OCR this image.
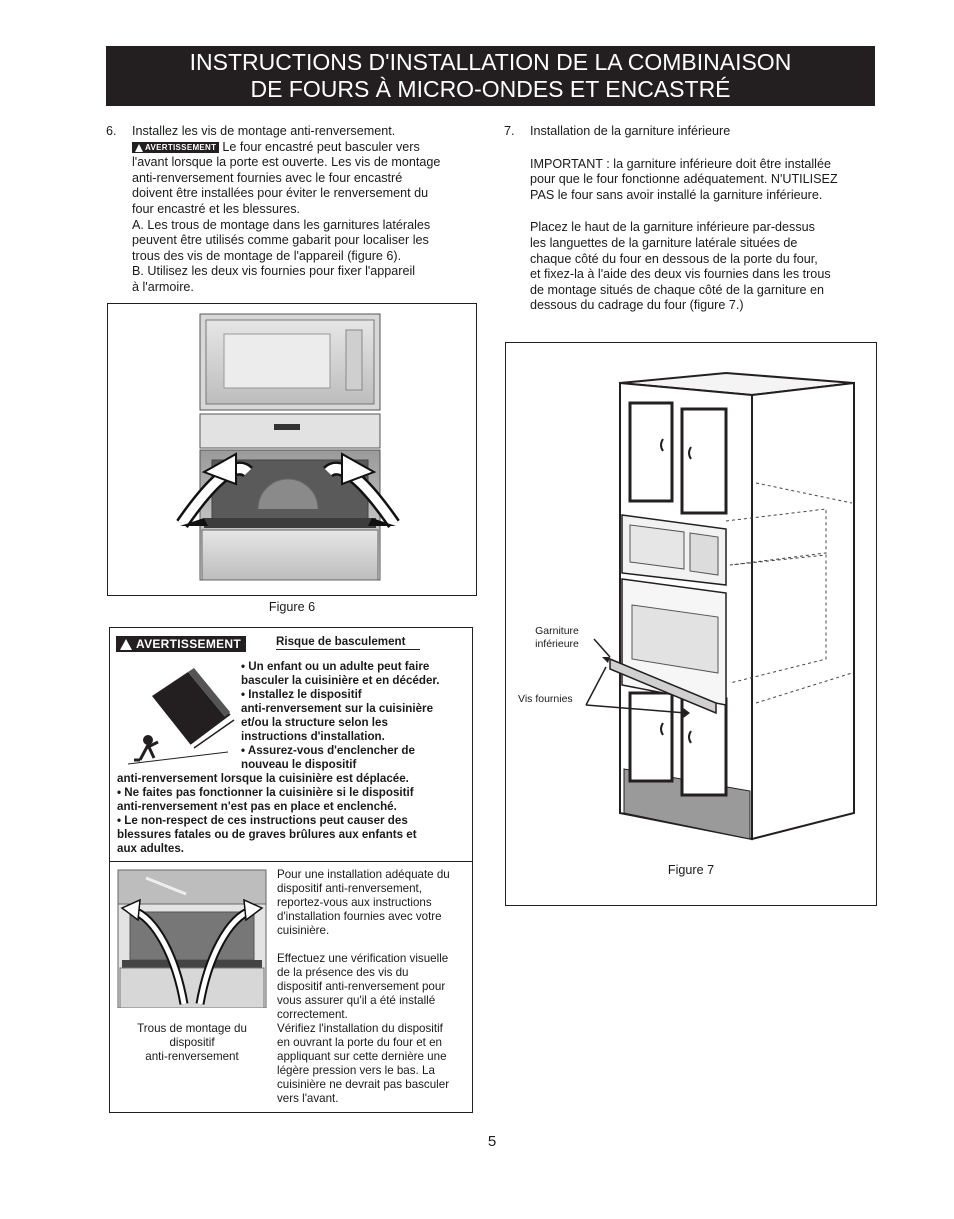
INSTRUCTIONS D'INSTALLATION DE LA COMBINAISON
DE FOURS À MICRO-ONDES ET ENCASTRÉ
6. Installez les vis de montage anti-renversement.
AVERTISSEMENT Le four encastré peut basculer vers
l'avant lorsque la porte est ouverte. Les vis de montage
anti-renversement fournies avec le four encastré
doivent être installées pour éviter le renversement du
four encastré et les blessures.
A. Les trous de montage dans les garnitures latérales
peuvent être utilisés comme gabarit pour localiser les
trous des vis de montage de l'appareil (figure 6).
B. Utilisez les deux vis fournies pour fixer l'appareil
à l'armoire.
Figure 6
AVERTISSEMENT	Risque de basculement
• Un enfant ou un adulte peut faire
basculer la cuisinière et en décéder.
• Installez le dispositif
anti-renversement sur la cuisinière
et/ou la structure selon les
instructions d'installation.
• Assurez-vous d'enclencher de
nouveau le dispositif
anti-renversement lorsque la cuisinière est déplacée.
• Ne faites pas fonctionner la cuisinière si le dispositif
anti-renversement n'est pas en place et enclenché.
• Le non-respect de ces instructions peut causer des
blessures fatales ou de graves brûlures aux enfants et
aux adultes.
Trous de montage du
dispositif
anti-renversement
Pour une installation adéquate du
dispositif anti-renversement,
reportez-vous aux instructions
d'installation fournies avec votre
cuisinière.
Effectuez une vérification visuelle
de la présence des vis du
dispositif anti-renversement pour
vous assurer qu'il a été installé
correctement.
Vérifiez l'installation du dispositif
en ouvrant la porte du four et en
appliquant sur cette dernière une
légère pression vers le bas. La
cuisinière ne devrait pas basculer
vers l'avant.
7. Installation de la garniture inférieure
IMPORTANT : la garniture inférieure doit être installée
pour que le four fonctionne adéquatement. N'UTILISEZ
PAS le four sans avoir installé la garniture inférieure.
Placez le haut de la garniture inférieure par-dessus
les languettes de la garniture latérale situées de
chaque côté du four en dessous de la porte du four,
et fixez-la à l'aide des deux vis fournies dans les trous
de montage situés de chaque côté de la garniture en
dessous du cadrage du four (figure 7.)
Garniture
inférieure
Vis fournies
Figure 7
5
